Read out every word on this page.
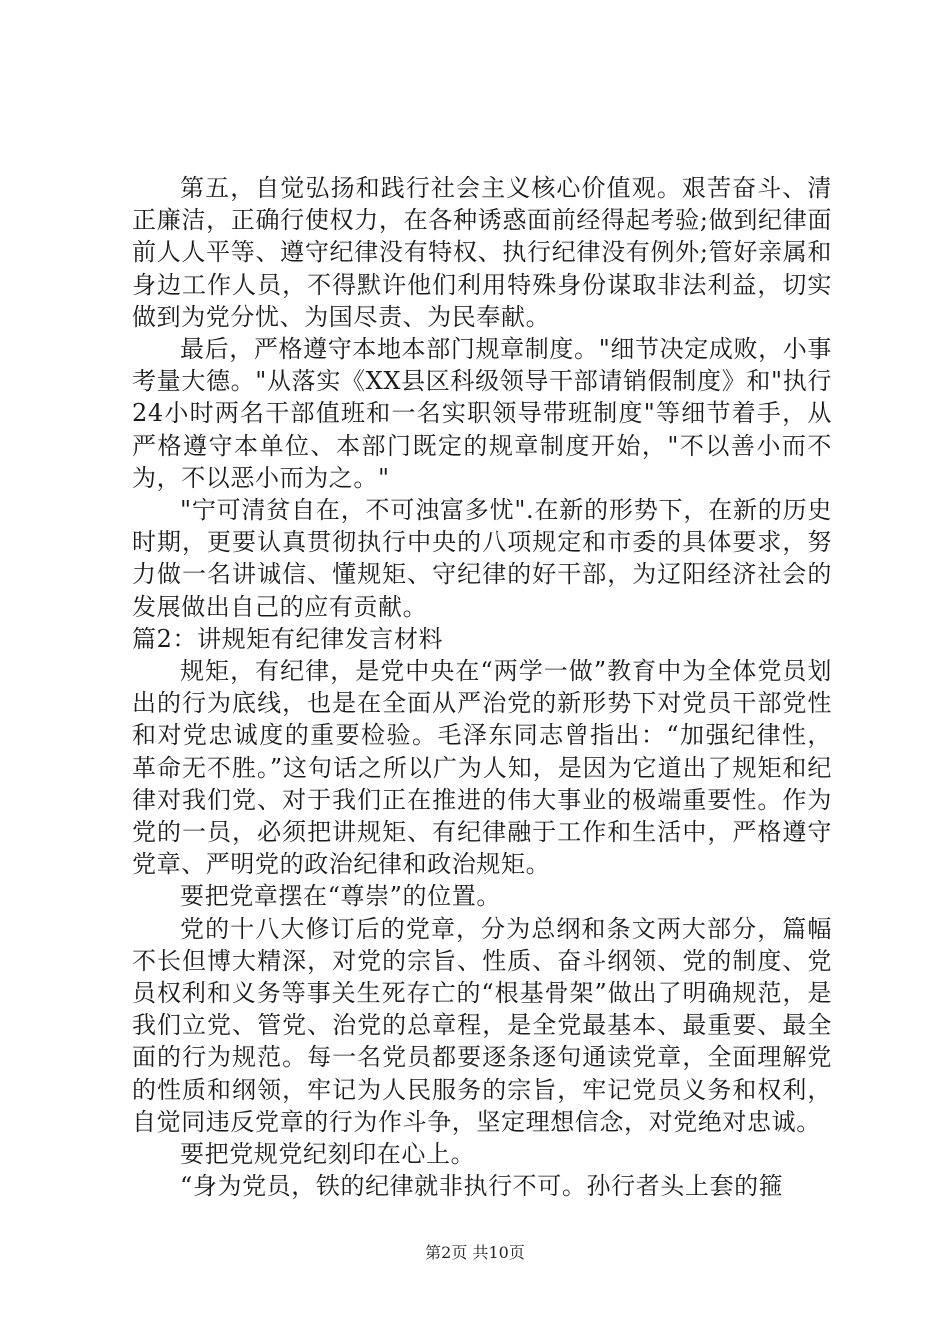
第五，自觉弘扬和践行社会主义核心价值观。艰苦奋斗、清正廉洁，正确行使权力，在各种诱惑面前经得起考验;做到纪律面前人人平等、遵守纪律没有特权、执行纪律没有例外;管好亲属和身边工作人员，不得默许他们利用特殊身份谋取非法利益，切实做到为党分忧、为国尽责、为民奉献。

最后，严格遵守本地本部门规章制度。"细节决定成败，小事考量大德。"从落实《XX县区科级领导干部请销假制度》和"执行24小时两名干部值班和一名实职领导带班制度"等细节着手，从严格遵守本单位、本部门既定的规章制度开始，"不以善小而不为，不以恶小而为之。"

"宁可清贫自在，不可浊富多忧".在新的形势下，在新的历史时期，更要认真贯彻执行中央的八项规定和市委的具体要求，努力做一名讲诚信、懂规矩、守纪律的好干部，为辽阳经济社会的发展做出自己的应有贡献。

篇2：讲规矩有纪律发言材料

规矩，有纪律，是党中央在“两学一做”教育中为全体党员划出的行为底线，也是在全面从严治党的新形势下对党员干部党性和对党忠诚度的重要检验。毛泽东同志曾指出：“加强纪律性，革命无不胜。”这句话之所以广为人知，是因为它道出了规矩和纪律对我们党、对于我们正在推进的伟大事业的极端重要性。作为党的一员，必须把讲规矩、有纪律融于工作和生活中，严格遵守党章、严明党的政治纪律和政治规矩。

要把党章摆在“尊崇”的位置。

党的十八大修订后的党章，分为总纲和条文两大部分，篇幅不长但博大精深，对党的宗旨、性质、奋斗纲领、党的制度、党员权利和义务等事关生死存亡的“根基骨架”做出了明确规范，是我们立党、管党、治党的总章程，是全党最基本、最重要、最全面的行为规范。每一名党员都要逐条逐句通读党章，全面理解党的性质和纲领，牢记为人民服务的宗旨，牢记党员义务和权利，自觉同违反党章的行为作斗争，坚定理想信念，对党绝对忠诚。

要把党规党纪刻印在心上。

“身为党员，铁的纪律就非执行不可。孙行者头上套的箍

第2页 共10页
